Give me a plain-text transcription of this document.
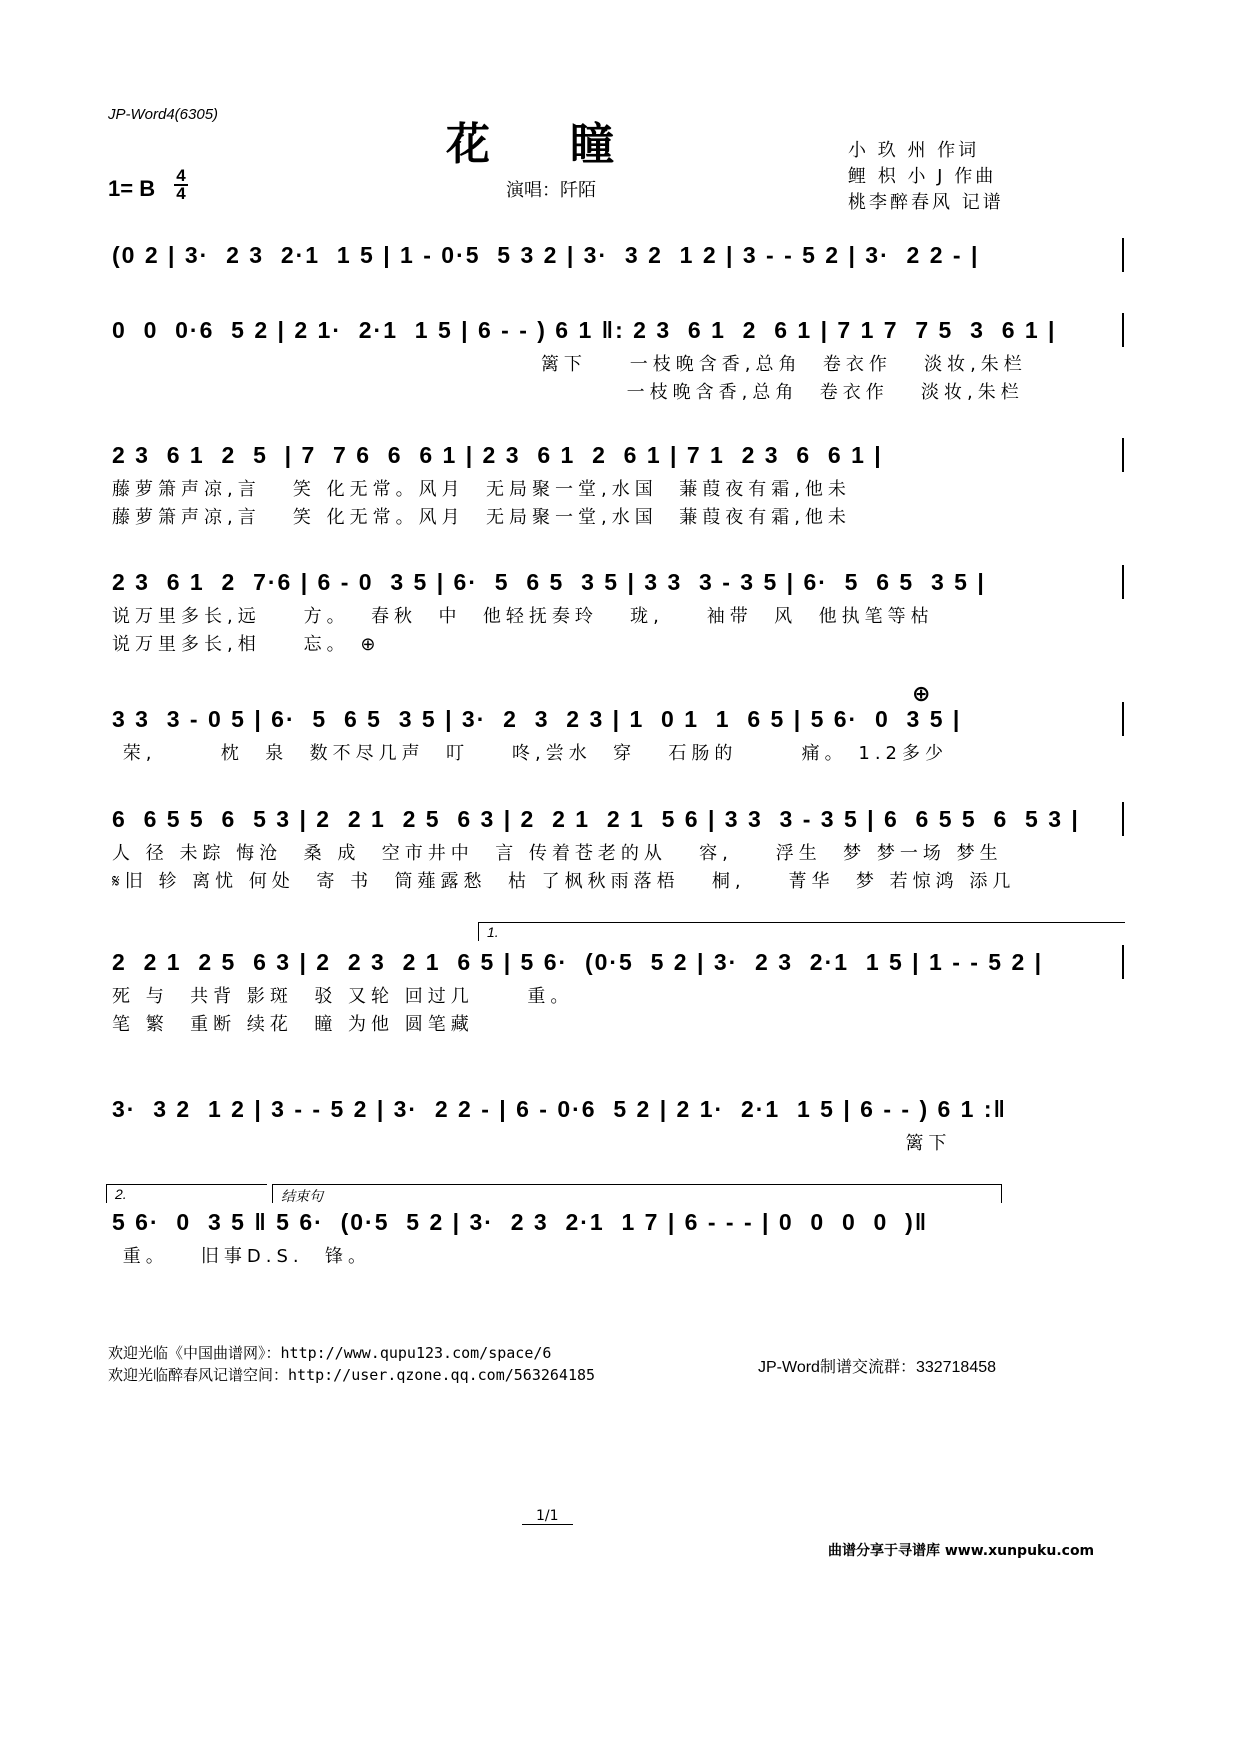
JP-Word4(6305)
花瞳	小 玖 州 作词
鲤 枳 小 J 作曲
桃李醉春风 记谱
1= B
4
4	演唱：阡陌
(0 2 | 3·  2 3  2·1  1 5 | 1 - 0·5  5 3 2 | 3·  3 2  1 2 | 3 - - 5 2 | 3·  2 2 - |
0  0  0·6  5 2 | 2 1·  2·1  1 5 | 6 - - ) 6 1 ‖: 2 3  6 1  2  6 1 | 7 1 7  7 5  3  6 1 |
篱下    一枝晚含香,总角  卷衣作   淡妆,朱栏
一枝晚含香,总角  卷衣作   淡妆,朱栏
2 3  6 1  2  5  | 7  7 6  6  6 1 | 2 3  6 1  2  6 1 | 7 1  2 3  6  6 1 |
藤萝箫声凉,言   笑 化无常。风月  无局聚一堂,水国  蒹葭夜有霜,他未
藤萝箫声凉,言   笑 化无常。风月  无局聚一堂,水国  蒹葭夜有霜,他未
2 3  6 1  2  7·6 | 6 - 0  3 5 | 6·  5  6 5  3 5 | 3 3  3 - 3 5 | 6·  5  6 5  3 5 |
说万里多长,远    方。  春秋  中  他轻抚奏玲   珑,    袖带  风  他执笔等枯
说万里多长,相    忘。 ⊕
⊕
3 3  3 - 0 5 | 6·  5  6 5  3 5 | 3·  2  3  2 3 | 1  0 1  1  6 5 | 5 6·  0  3 5 |
荣,      枕  泉  数不尽几声  叮    咚,尝水  穿   石肠的      痛。 1.2多少
6  6 5 5  6  5 3 | 2  2 1  2 5  6 3 | 2  2 1  2 1  5 6 | 3 3  3 - 3 5 | 6  6 5 5  6  5 3 |
人 径 未踪 悔沧  桑 成  空市井中  言 传着苍老的从   容,    浮生  梦 梦一场 梦生
𝄋旧 轸 离忧 何处  寄 书  筒薤露愁  枯 了枫秋雨落梧   桐,    菁华  梦 若惊鸿 添几
1.
2  2 1  2 5  6 3 | 2  2 3  2 1  6 5 | 5 6·  (0·5  5 2 | 3·  2 3  2·1  1 5 | 1 - - 5 2 |
死 与  共背 影斑  驳 又轮 回过几     重。
笔 繁  重断 续花  瞳 为他 圆笔藏
3·  3 2  1 2 | 3 - - 5 2 | 3·  2 2 - | 6 - 0·6  5 2 | 2 1·  2·1  1 5 | 6 - - ) 6 1 :‖
篱下
2.	结束句
5 6·  0  3 5 ‖ 5 6·  (0·5  5 2 | 3·  2 3  2·1  1 7 | 6 - - - | 0  0  0  0  )‖
重。   旧事D.S.  锋。
欢迎光临《中国曲谱网》：http://www.qupu123.com/space/6
欢迎光临醉春风记谱空间：http://user.qzone.qq.com/563264185	JP-Word制谱交流群：332718458
1/1
曲谱分享于寻谱库 www.xunpuku.com
